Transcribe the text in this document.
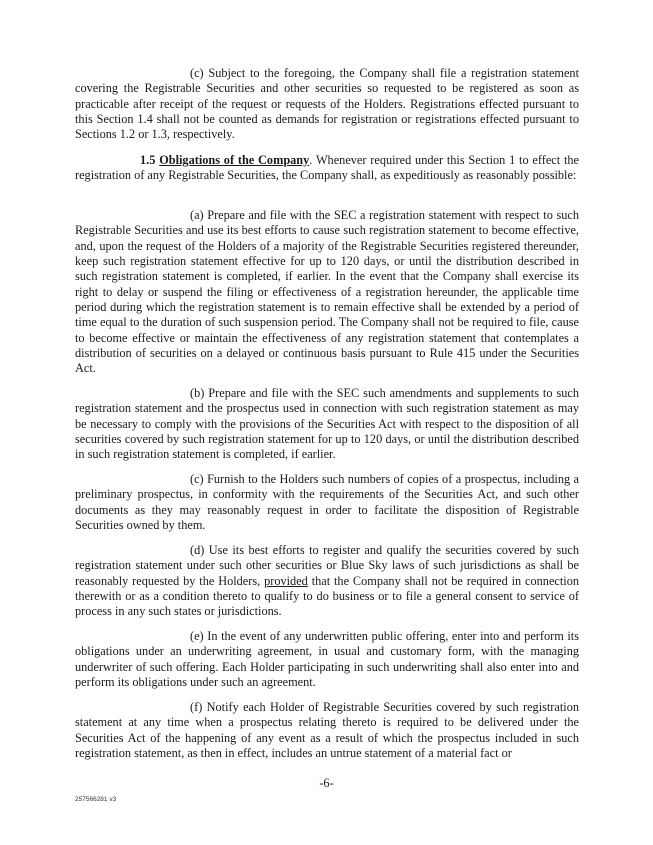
(c) Subject to the foregoing, the Company shall file a registration statement covering the Registrable Securities and other securities so requested to be registered as soon as practicable after receipt of the request or requests of the Holders. Registrations effected pursuant to this Section 1.4 shall not be counted as demands for registration or registrations effected pursuant to Sections 1.2 or 1.3, respectively.

1.5 Obligations of the Company. Whenever required under this Section 1 to effect the registration of any Registrable Securities, the Company shall, as expeditiously as reasonably possible:

(a) Prepare and file with the SEC a registration statement with respect to such Registrable Securities and use its best efforts to cause such registration statement to become effective, and, upon the request of the Holders of a majority of the Registrable Securities registered thereunder, keep such registration statement effective for up to 120 days, or until the distribution described in such registration statement is completed, if earlier. In the event that the Company shall exercise its right to delay or suspend the filing or effectiveness of a registration hereunder, the applicable time period during which the registration statement is to remain effective shall be extended by a period of time equal to the duration of such suspension period. The Company shall not be required to file, cause to become effective or maintain the effectiveness of any registration statement that contemplates a distribution of securities on a delayed or continuous basis pursuant to Rule 415 under the Securities Act.

(b) Prepare and file with the SEC such amendments and supplements to such registration statement and the prospectus used in connection with such registration statement as may be necessary to comply with the provisions of the Securities Act with respect to the disposition of all securities covered by such registration statement for up to 120 days, or until the distribution described in such registration statement is completed, if earlier.

(c) Furnish to the Holders such numbers of copies of a prospectus, including a preliminary prospectus, in conformity with the requirements of the Securities Act, and such other documents as they may reasonably request in order to facilitate the disposition of Registrable Securities owned by them.

(d) Use its best efforts to register and qualify the securities covered by such registration statement under such other securities or Blue Sky laws of such jurisdictions as shall be reasonably requested by the Holders, provided that the Company shall not be required in connection therewith or as a condition thereto to qualify to do business or to file a general consent to service of process in any such states or jurisdictions.

(e) In the event of any underwritten public offering, enter into and perform its obligations under an underwriting agreement, in usual and customary form, with the managing underwriter of such offering. Each Holder participating in such underwriting shall also enter into and perform its obligations under such an agreement.

(f) Notify each Holder of Registrable Securities covered by such registration statement at any time when a prospectus relating thereto is required to be delivered under the Securities Act of the happening of any event as a result of which the prospectus included in such registration statement, as then in effect, includes an untrue statement of a material fact or

-6-
257566281 v3
